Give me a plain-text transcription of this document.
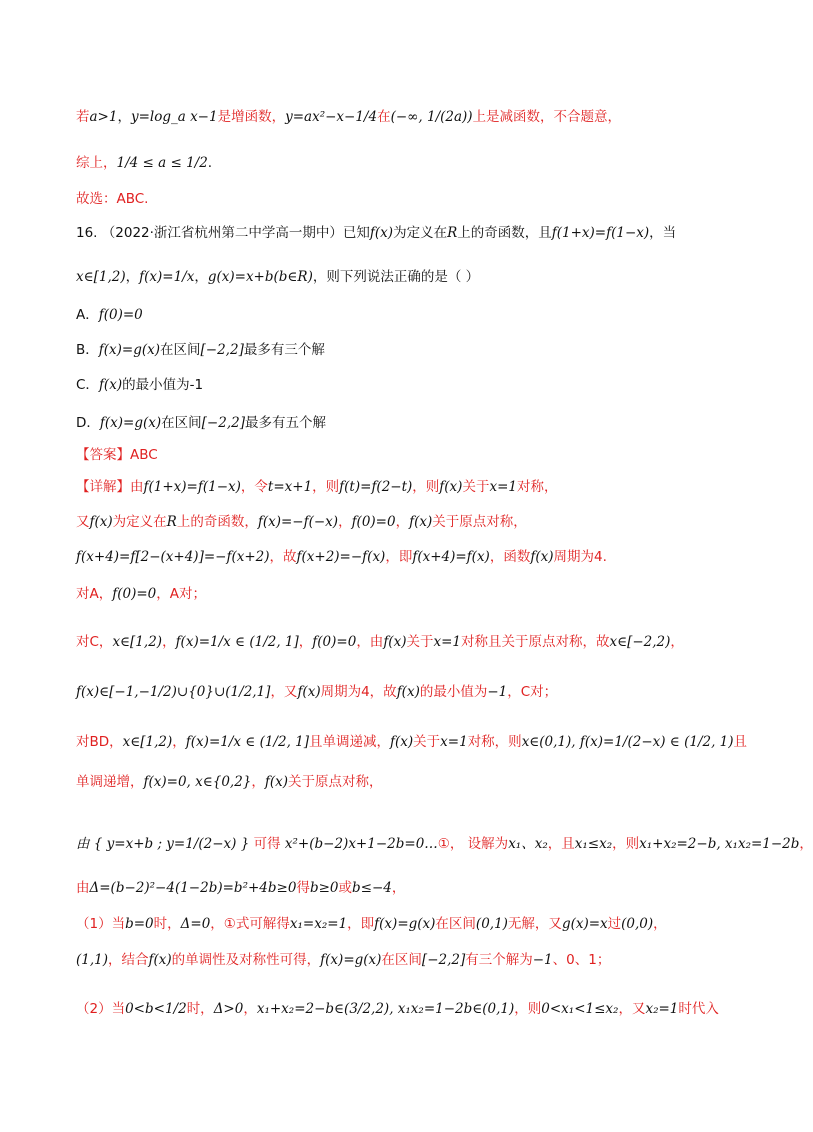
若a>1，y=log_a x−1是增函数，y=ax²−x−1/4在(−∞, 1/(2a))上是减函数，不合题意，
综上，1/4 ≤ a ≤ 1/2.
故选：ABC.
16. （2022·浙江省杭州第二中学高一期中）已知f(x)为定义在R上的奇函数，且f(1+x)=f(1−x)，当
x∈[1,2)，f(x)=1/x，g(x)=x+b(b∈R)，则下列说法正确的是（ ）
A．f(0)=0
B．f(x)=g(x)在区间[−2,2]最多有三个解
C．f(x)的最小值为-1
D．f(x)=g(x)在区间[−2,2]最多有五个解
【答案】ABC
【详解】由f(1+x)=f(1−x)，令t=x+1，则f(t)=f(2−t)，则f(x)关于x=1对称，
又f(x)为定义在R上的奇函数，f(x)=−f(−x)，f(0)=0，f(x)关于原点对称，
f(x+4)=f[2−(x+4)]=−f(x+2)，故f(x+2)=−f(x)，即f(x+4)=f(x)，函数f(x)周期为4.
对A，f(0)=0，A对；
对C，x∈[1,2)，f(x)=1/x ∈ (1/2, 1]，f(0)=0，由f(x)关于x=1对称且关于原点对称，故x∈[−2,2)，
f(x)∈[−1,−1/2)∪{0}∪(1/2,1]，又f(x)周期为4，故f(x)的最小值为−1，C对；
对BD，x∈[1,2)，f(x)=1/x ∈ (1/2, 1]且单调递减，f(x)关于x=1对称，则x∈(0,1), f(x)=1/(2−x) ∈ (1/2, 1)且
单调递增，f(x)=0, x∈{0,2}，f(x)关于原点对称，
由 { y=x+b ; y=1/(2−x) } 可得 x²+(b−2)x+1−2b=0…①， 设解为x₁、x₂，且x₁≤x₂，则x₁+x₂=2−b, x₁x₂=1−2b，
由Δ=(b−2)²−4(1−2b)=b²+4b≥0得b≥0或b≤−4，
（1）当b=0时，Δ=0，①式可解得x₁=x₂=1，即f(x)=g(x)在区间(0,1)无解，又g(x)=x过(0,0)，
(1,1)，结合f(x)的单调性及对称性可得，f(x)=g(x)在区间[−2,2]有三个解为−1、0、1；
（2）当0<b<1/2时，Δ>0，x₁+x₂=2−b∈(3/2,2), x₁x₂=1−2b∈(0,1)，则0<x₁<1≤x₂，又x₂=1时代入
